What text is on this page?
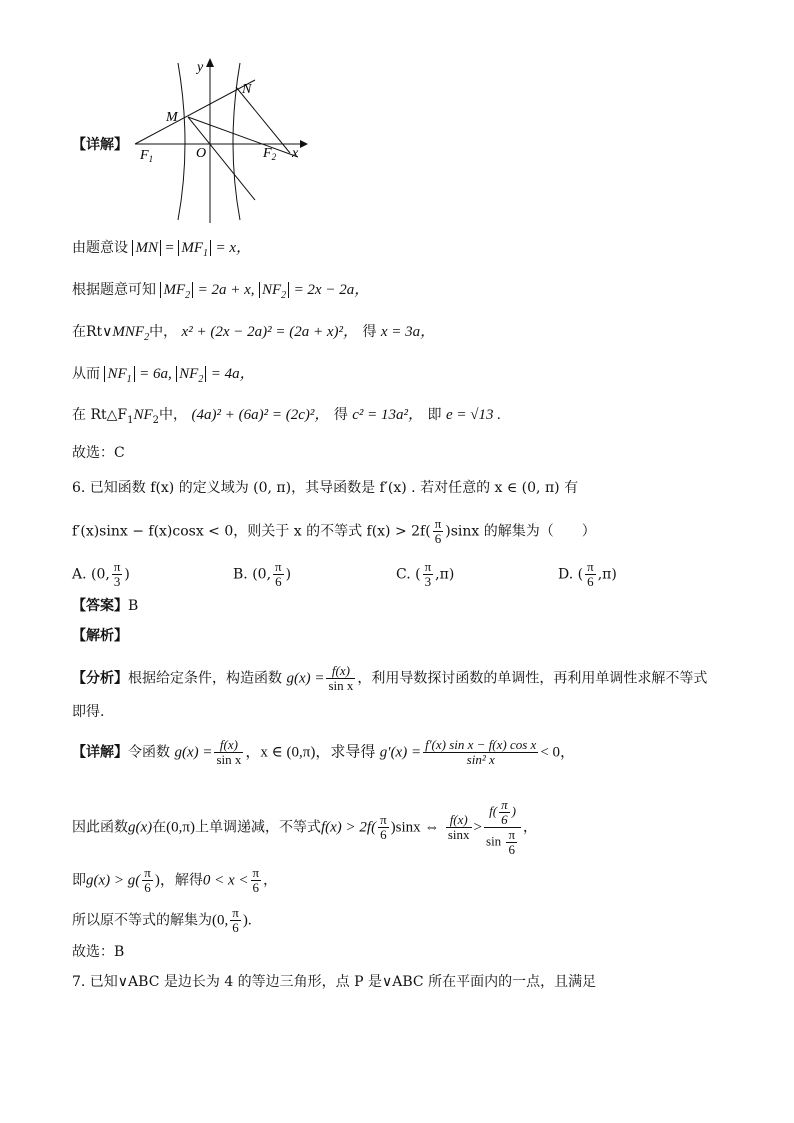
y
x
M
N
O
$F_1$	$F_2$
【详解】
由题意设 MN = $MF_1 = x$，
根据题意可知 $MF_2 = 2a + x$, $NF_2 = 2x - 2a$，
在$Rt\vee MNF_2$中， x² + (2x − 2a)² = (2a + x)²， 得 x = 3a，
从而 $NF_1 = 6a$, $NF_2 = 4a$，
在 $Rt\triangle F_1NF_2$中， (4a)² + (6a)² = (2c)²， 得 c² = 13a²， 即 e = √13 .
故选：C
6. 已知函数 f(x) 的定义域为 (0, π)，其导函数是 f′(x) . 若对任意的 x ∈ (0, π) 有
f′(x)sinx − f(x)cosx < 0，则关于 x 的不等式 $f(x) > 2f( \frac{\pi}{6} )\sin x$ 的解集为（　　）
A. (0, $\frac{\pi}{3}$ )	B. (0, $\frac{\pi}{6}$ )	C. ( $\frac{\pi}{3} ,\pi$)	D. ( $\frac{\pi}{6} ,\pi$)
【答案】B
【解析】
【分析】根据给定条件，构造函数 $g(x) = \frac{f(x)}{\text{sin x}}$ ，利用导数探讨函数的单调性，再利用单调性求解不等式
即得.
【详解】令函数 $g(x) = \frac{f(x)}{\text{sin x}}$ ，x ∈ (0,π)，求导得 $g'(x) = \frac{\text{f′(x) sin x − f(x) cos x}}{\text{sin² x}} < 0$，
因此函数g(x)在(0,π)上单调递减，不等式$f(x) > 2f( \frac{\pi}{6} )\sin x$ ⇔ $\frac{f(x)}{\sin x} > \frac{f( \frac{\pi}{6} )}{\sin \frac{\pi}{6}}$ ，
即$g(x) > g( \frac{\pi}{6}$ )，解得$0 < x < \frac{\pi}{6}$ ，
所以原不等式的解集为(0, $\frac{\pi}{6}$ ).
故选：B
7. 已知∨ABC 是边长为 4 的等边三角形，点 P 是∨ABC 所在平面内的一点，且满足
